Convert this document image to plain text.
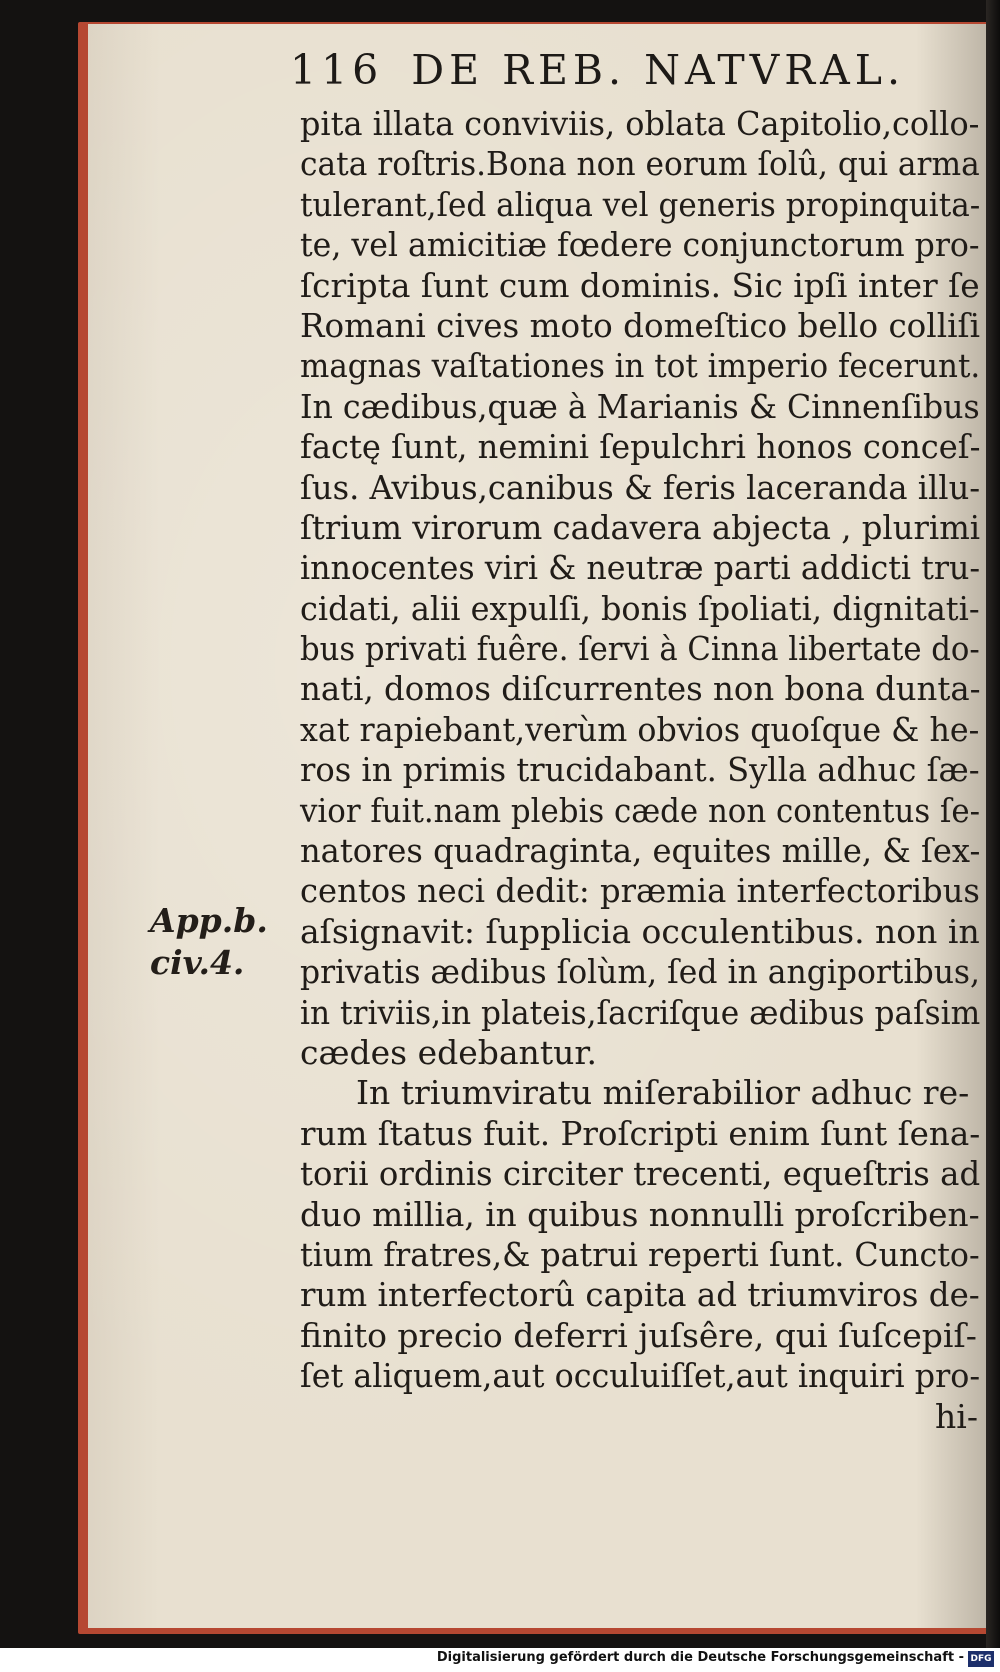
116 DE REB. NATVRAL.
App.b.
civ.4.
pita illata conviviis, oblata Capitolio,collo-
cata roſtris.Bona non eorum ſolû, qui arma
tulerant,ſed aliqua vel generis propinquita-
te, vel amicitiæ fœdere conjunctorum pro-
ſcripta ſunt cum dominis. Sic ipſi inter ſe
Romani cives moto domeſtico bello colliſi
magnas vaſtationes in tot imperio fecerunt.
In cædibus,quæ à Marianis & Cinnenſibus
factę ſunt, nemini ſepulchri honos conceſ-
ſus. Avibus,canibus & feris laceranda illu-
ſtrium virorum cadavera abjecta , plurimi
innocentes viri & neutræ parti addicti tru-
cidati, alii expulſi, bonis ſpoliati, dignitati-
bus privati fuêre. ſervi à Cinna libertate do-
nati, domos diſcurrentes non bona dunta-
xat rapiebant,verùm obvios quoſque & he-
ros in primis trucidabant. Sylla adhuc ſæ-
vior fuit.nam plebis cæde non contentus ſe-
natores quadraginta, equites mille, & ſex-
centos neci dedit: præmia interfectoribus
aſsignavit: ſupplicia occulentibus. non in
privatis ædibus ſolùm, ſed in angiportibus,
in triviis,in plateis,ſacriſque ædibus paſsim
cædes edebantur.
In triumviratu miſerabilior adhuc re-
rum ſtatus fuit. Proſcripti enim ſunt ſena-
torii ordinis circiter trecenti, equeſtris ad
duo millia, in quibus nonnulli proſcriben-
tium fratres,& patrui reperti ſunt. Cuncto-
rum interfectorû capita ad triumviros de-
finito precio deferri juſsêre, qui ſuſcepiſ-
ſet aliquem,aut occuluiſſet,aut inquiri pro-
hi-
Digitalisierung gefördert durch die Deutsche Forschungsgemeinschaft - DFG
